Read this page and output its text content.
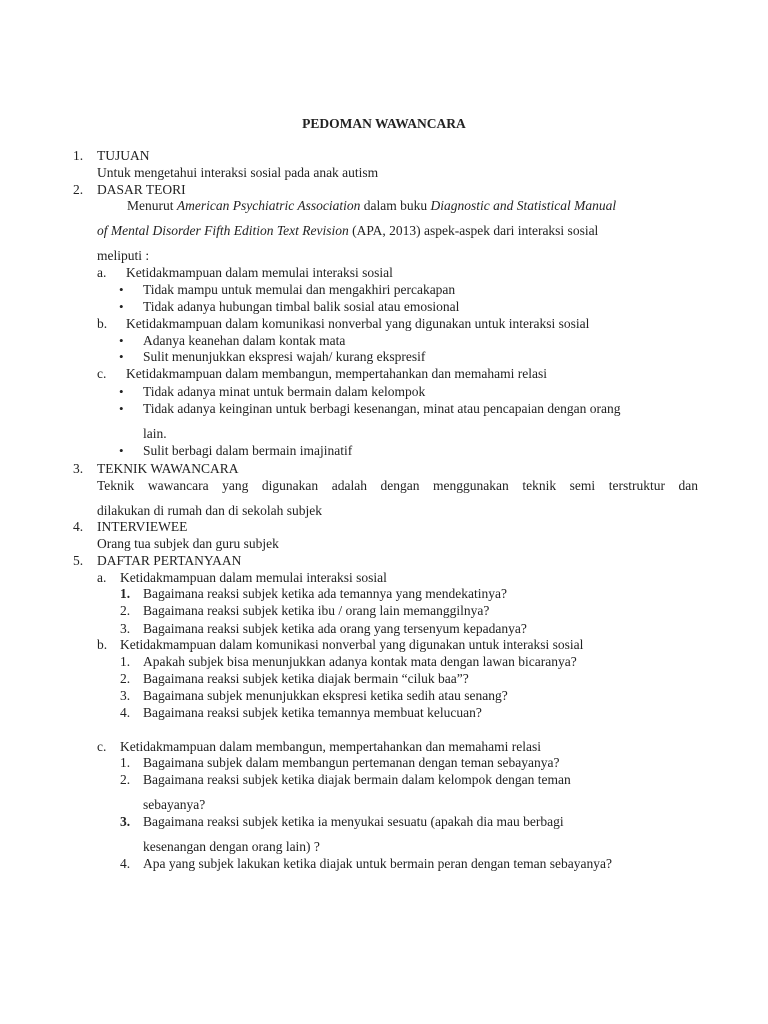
PEDOMAN WAWANCARA
1. TUJUAN
Untuk mengetahui interaksi sosial pada anak autism
2. DASAR TEORI
Menurut American Psychiatric Association dalam buku Diagnostic and Statistical Manual
of Mental Disorder Fifth Edition Text Revision (APA, 2013) aspek-aspek dari interaksi sosial
meliputi :
a. Ketidakmampuan dalam memulai interaksi sosial
• Tidak mampu untuk memulai dan mengakhiri percakapan
• Tidak adanya hubungan timbal balik sosial atau emosional
b. Ketidakmampuan dalam komunikasi nonverbal yang digunakan untuk interaksi sosial
• Adanya keanehan dalam kontak mata
• Sulit menunjukkan ekspresi wajah/ kurang ekspresif
c. Ketidakmampuan dalam membangun, mempertahankan dan memahami relasi
• Tidak adanya minat untuk bermain dalam kelompok
• Tidak adanya keinginan untuk berbagi kesenangan, minat atau pencapaian dengan orang
lain.
• Sulit berbagi dalam bermain imajinatif
3. TEKNIK WAWANCARA
Teknik wawancara yang digunakan adalah dengan menggunakan teknik semi terstruktur dan
dilakukan di rumah dan di sekolah subjek
4. INTERVIEWEE
Orang tua subjek dan guru subjek
5. DAFTAR PERTANYAAN
a. Ketidakmampuan dalam memulai interaksi sosial
1. Bagaimana reaksi subjek ketika ada temannya yang mendekatinya?
2. Bagaimana reaksi subjek ketika ibu / orang lain memanggilnya?
3. Bagaimana reaksi subjek ketika ada orang yang tersenyum kepadanya?
b. Ketidakmampuan dalam komunikasi nonverbal yang digunakan untuk interaksi sosial
1. Apakah subjek bisa menunjukkan adanya kontak mata dengan lawan bicaranya?
2. Bagaimana reaksi subjek ketika diajak bermain “ciluk baa”?
3. Bagaimana subjek menunjukkan ekspresi ketika sedih atau senang?
4. Bagaimana reaksi subjek ketika temannya membuat kelucuan?
c. Ketidakmampuan dalam membangun, mempertahankan dan memahami relasi
1. Bagaimana subjek dalam membangun pertemanan dengan teman sebayanya?
2. Bagaimana reaksi subjek ketika diajak bermain dalam kelompok dengan teman
sebayanya?
3. Bagaimana reaksi subjek ketika ia menyukai sesuatu (apakah dia mau berbagi
kesenangan dengan orang lain) ?
4. Apa yang subjek lakukan ketika diajak untuk bermain peran dengan teman sebayanya?
